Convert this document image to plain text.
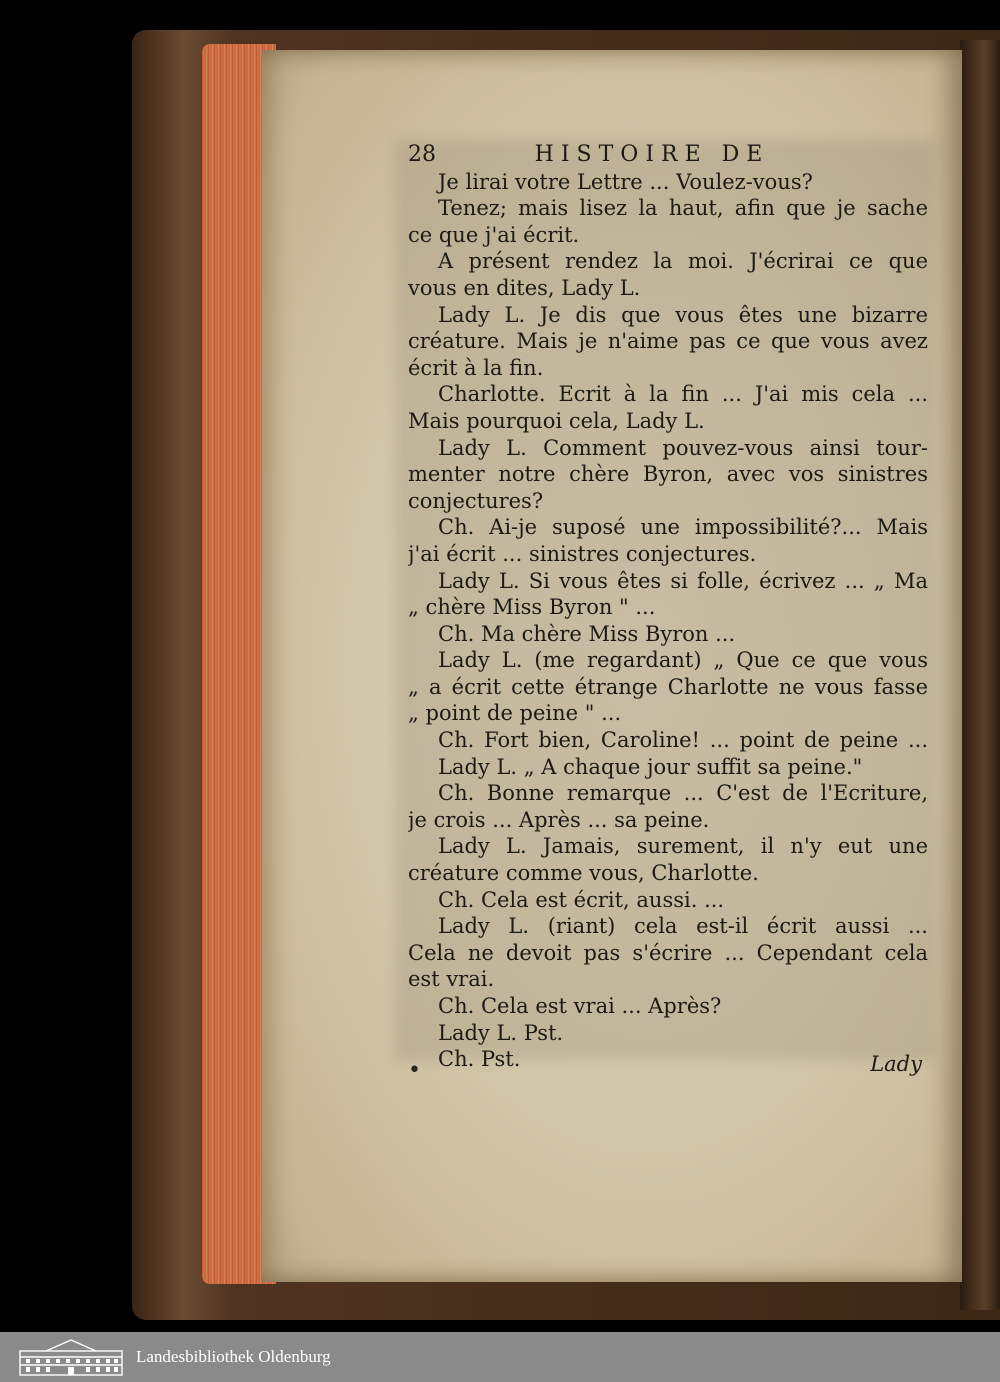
28	HISTOIRE DE
Je lirai votre Lettre ... Voulez-vous?
Tenez; mais lisez la haut, afin que je sache
ce que j'ai écrit.
A présent rendez la moi. J'écrirai ce que
vous en dites, Lady L.
Lady L. Je dis que vous êtes une bizarre
créature. Mais je n'aime pas ce que vous avez
écrit à la fin.
Charlotte. Ecrit à la fin ... J'ai mis cela ...
Mais pourquoi cela, Lady L.
Lady L. Comment pouvez-vous ainsi tour-
menter notre chère Byron, avec vos sinistres
conjectures?
Ch. Ai-je suposé une impossibilité?... Mais
j'ai écrit ... sinistres conjectures.
Lady L. Si vous êtes si folle, écrivez ... „ Ma
„ chère Miss Byron " ...
Ch. Ma chère Miss Byron ...
Lady L. (me regardant) „ Que ce que vous
„ a écrit cette étrange Charlotte ne vous fasse
„ point de peine " ...
Ch. Fort bien, Caroline! ... point de peine ...
Lady L. „ A chaque jour suffit sa peine."
Ch. Bonne remarque ... C'est de l'Ecriture,
je crois ... Après ... sa peine.
Lady L. Jamais, surement, il n'y eut une
créature comme vous, Charlotte.
Ch. Cela est écrit, aussi. ...
Lady L. (riant) cela est-il écrit aussi ...
Cela ne devoit pas s'écrire ... Cependant cela
est vrai.
Ch. Cela est vrai ... Après?
Lady L. Pst.
Ch. Pst.
•	Lady
Landesbibliothek Oldenburg
